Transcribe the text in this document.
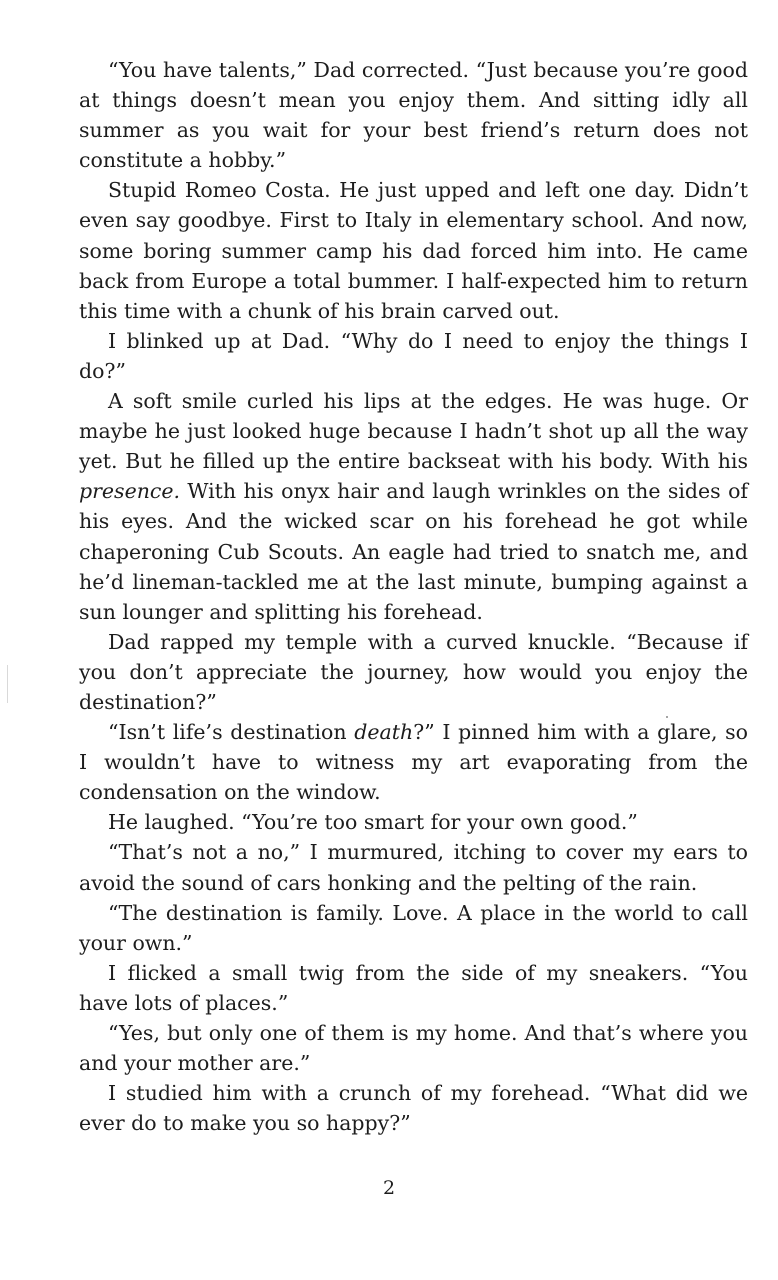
“You have talents,” Dad corrected. “Just because you’re good at things doesn’t mean you enjoy them. And sitting idly all summer as you wait for your best friend’s return does not constitute a hobby.”

Stupid Romeo Costa. He just upped and left one day. Didn’t even say goodbye. First to Italy in elementary school. And now, some boring summer camp his dad forced him into. He came back from Europe a total bummer. I half-expected him to return this time with a chunk of his brain carved out.

I blinked up at Dad. “Why do I need to enjoy the things I do?”

A soft smile curled his lips at the edges. He was huge. Or maybe he just looked huge because I hadn’t shot up all the way yet. But he filled up the entire backseat with his body. With his presence. With his onyx hair and laugh wrinkles on the sides of his eyes. And the wicked scar on his forehead he got while chaperoning Cub Scouts. An eagle had tried to snatch me, and he’d lineman-tackled me at the last minute, bumping against a sun lounger and splitting his forehead.

Dad rapped my temple with a curved knuckle. “Because if you don’t appreciate the journey, how would you enjoy the destination?”

“Isn’t life’s destination death?” I pinned him with a glare, so I wouldn’t have to witness my art evaporating from the condensation on the window.

He laughed. “You’re too smart for your own good.”

“That’s not a no,” I murmured, itching to cover my ears to avoid the sound of cars honking and the pelting of the rain.

“The destination is family. Love. A place in the world to call your own.”

I flicked a small twig from the side of my sneakers. “You have lots of places.”

“Yes, but only one of them is my home. And that’s where you and your mother are.”

I studied him with a crunch of my forehead. “What did we ever do to make you so happy?”

2
